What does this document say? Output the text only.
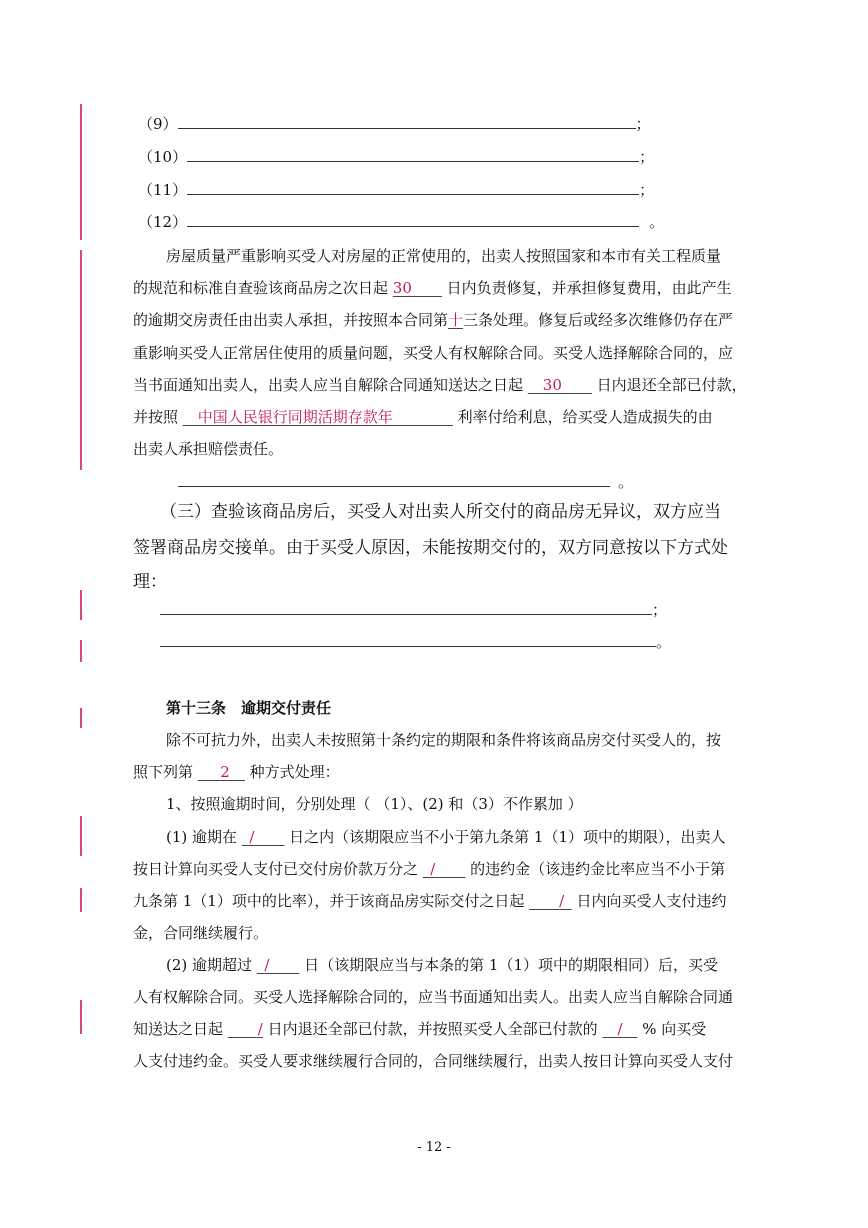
（9）	；
（10）	；
（11）	；
（12）	。
房屋质量严重影响买受人对房屋的正常使用的，出卖人按照国家和本市有关工程质量
的规范和标准自查验该商品房之次日起 30   日内负责修复，并承担修复费用，由此产生
的逾期交房责任由出卖人承担，并按照本合同第十三条处理。修复后或经多次维修仍存在严
重影响买受人正常居住使用的质量问题，买受人有权解除合同。买受人选择解除合同的，应
当书面通知出卖人，出卖人应当自解除合同通知送达之日起   30   日内退还全部已付款，
并按照   中国人民银行同期活期存款年    	利率付给利息，给买受人造成损失的由
出卖人承担赔偿责任。
。
（三）查验该商品房后，买受人对出卖人所交付的商品房无异议，双方应当
签署商品房交接单。由于买受人原因，未能按期交付的，双方同意按以下方式处
理：
；
。
第十三条　逾期交付责任
除不可抗力外，出卖人未按照第十条约定的期限和条件将该商品房交付买受人的，按
照下列第    2  种方式处理：
1、按照逾期时间，分别处理（ （1）、(2) 和（3）不作累加 ）
(1) 逾期在   /   日之内（该期限应当不小于第九条第 1（1）项中的期限），出卖人
按日计算向买受人支付已交付房价款万分之   /   的违约金（该违约金比率应当不小于第
九条第 1（1）项中的比率），并于该商品房实际交付之日起    /  日内向买受人支付违约
金，合同继续履行。
(2) 逾期超过   /   日（该期限应当与本条的第 1（1）项中的期限相同）后，买受
人有权解除合同。买受人选择解除合同的，应当书面通知出卖人。出卖人应当自解除合同通
知送达之日起    / 日内退还全部已付款，并按照买受人全部已付款的   /  % 向买受
人支付违约金。买受人要求继续履行合同的，合同继续履行，出卖人按日计算向买受人支付
- 12 -
